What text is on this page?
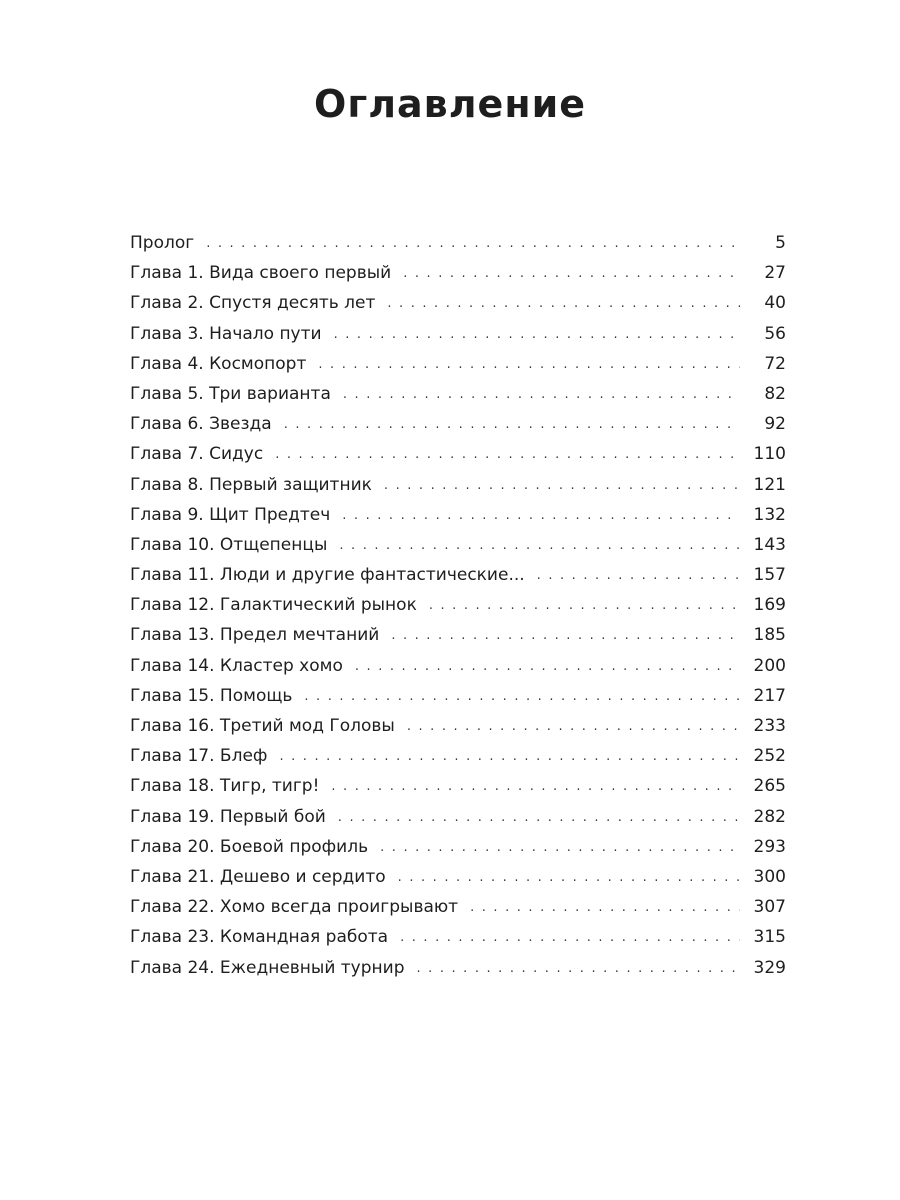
Оглавление
Пролог . . .	5
Глава 1. Вида своего первый . . .	27
Глава 2. Спустя десять лет . . .	40
Глава 3. Начало пути . . .	56
Глава 4. Космопорт . . .	72
Глава 5. Три варианта . . .	82
Глава 6. Звезда . . .	92
Глава 7. Сидус . . .	110
Глава 8. Первый защитник . . .	121
Глава 9. Щит Предтеч . . .	132
Глава 10. Отщепенцы . . .	143
Глава 11. Люди и другие фантастические... . . .	157
Глава 12. Галактический рынок . . .	169
Глава 13. Предел мечтаний . . .	185
Глава 14. Кластер хомо . . .	200
Глава 15. Помощь . . .	217
Глава 16. Третий мод Головы . . .	233
Глава 17. Блеф . . .	252
Глава 18. Тигр, тигр! . . .	265
Глава 19. Первый бой . . .	282
Глава 20. Боевой профиль . . .	293
Глава 21. Дешево и сердито . . .	300
Глава 22. Хомо всегда проигрывают . . .	307
Глава 23. Командная работа . . .	315
Глава 24. Ежедневный турнир . . .	329
